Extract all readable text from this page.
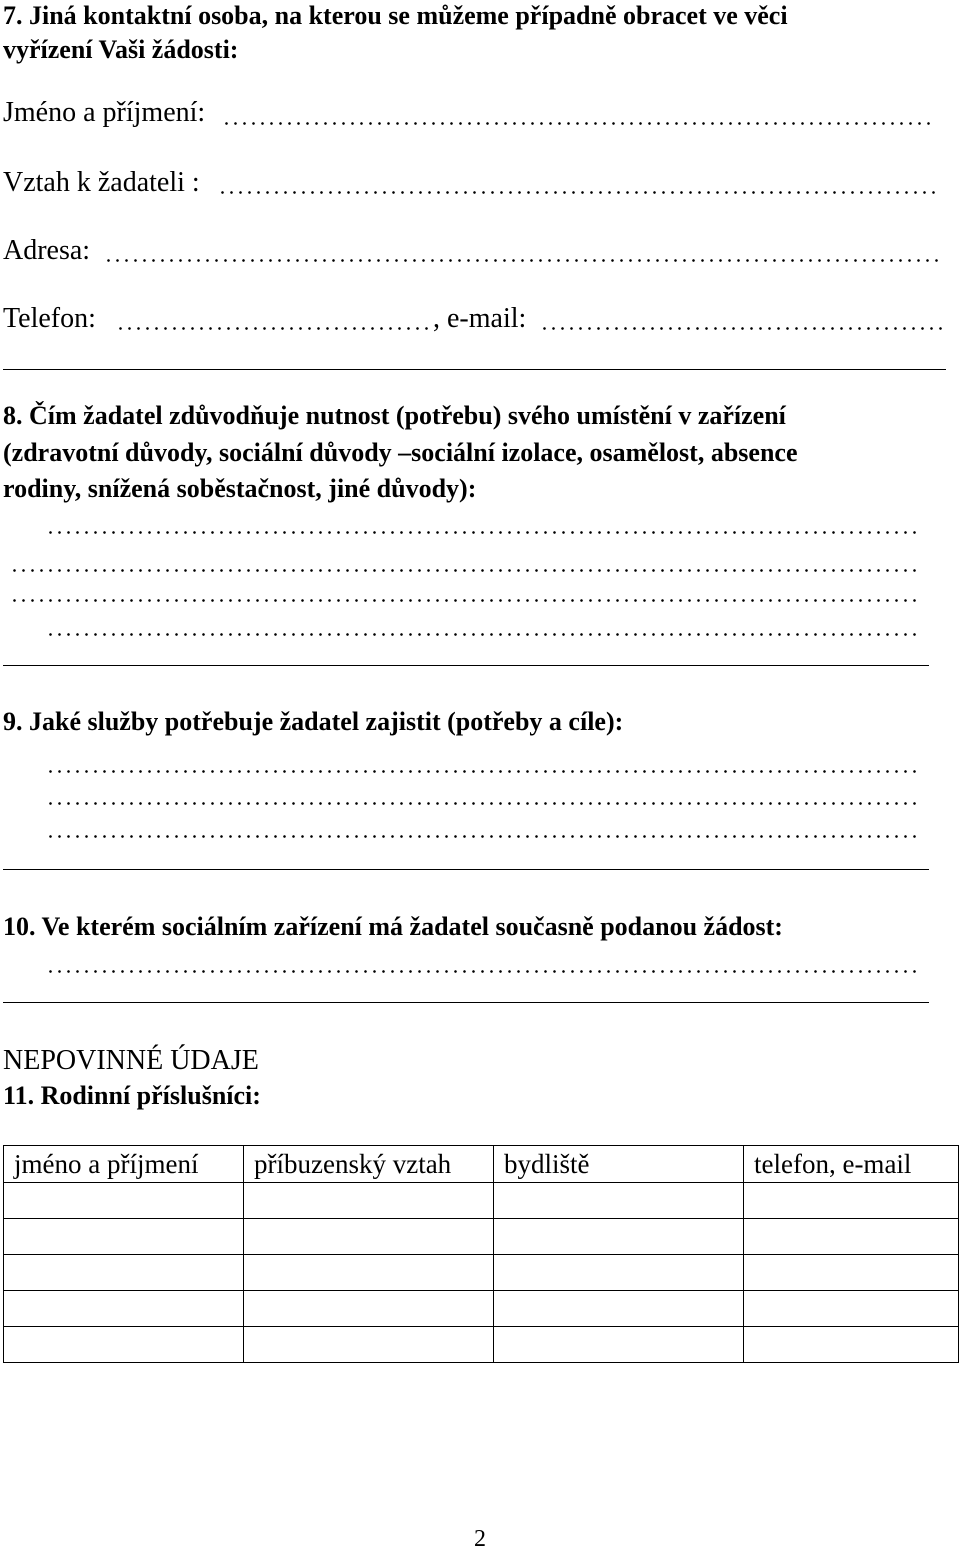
7. Jiná kontaktní osoba, na kterou se můžeme případně obracet ve věci
vyřízení Vaši žádosti:
Jméno a příjmení:
Vztah k žadateli :
Adresa:
Telefon:	, e-mail:
8. Čím žadatel zdůvodňuje nutnost (potřebu) svého umístění v zařízení
(zdravotní důvody, sociální důvody –sociální izolace, osamělost, absence
rodiny, snížená soběstačnost, jiné důvody):
9. Jaké služby potřebuje žadatel zajistit (potřeby a cíle):
10. Ve kterém sociálním zařízení má žadatel současně podanou žádost:
NEPOVINNÉ ÚDAJE
11. Rodinní příslušníci:
jméno a příjmení	příbuzenský vztah	bydliště	telefon, e-mail

2
